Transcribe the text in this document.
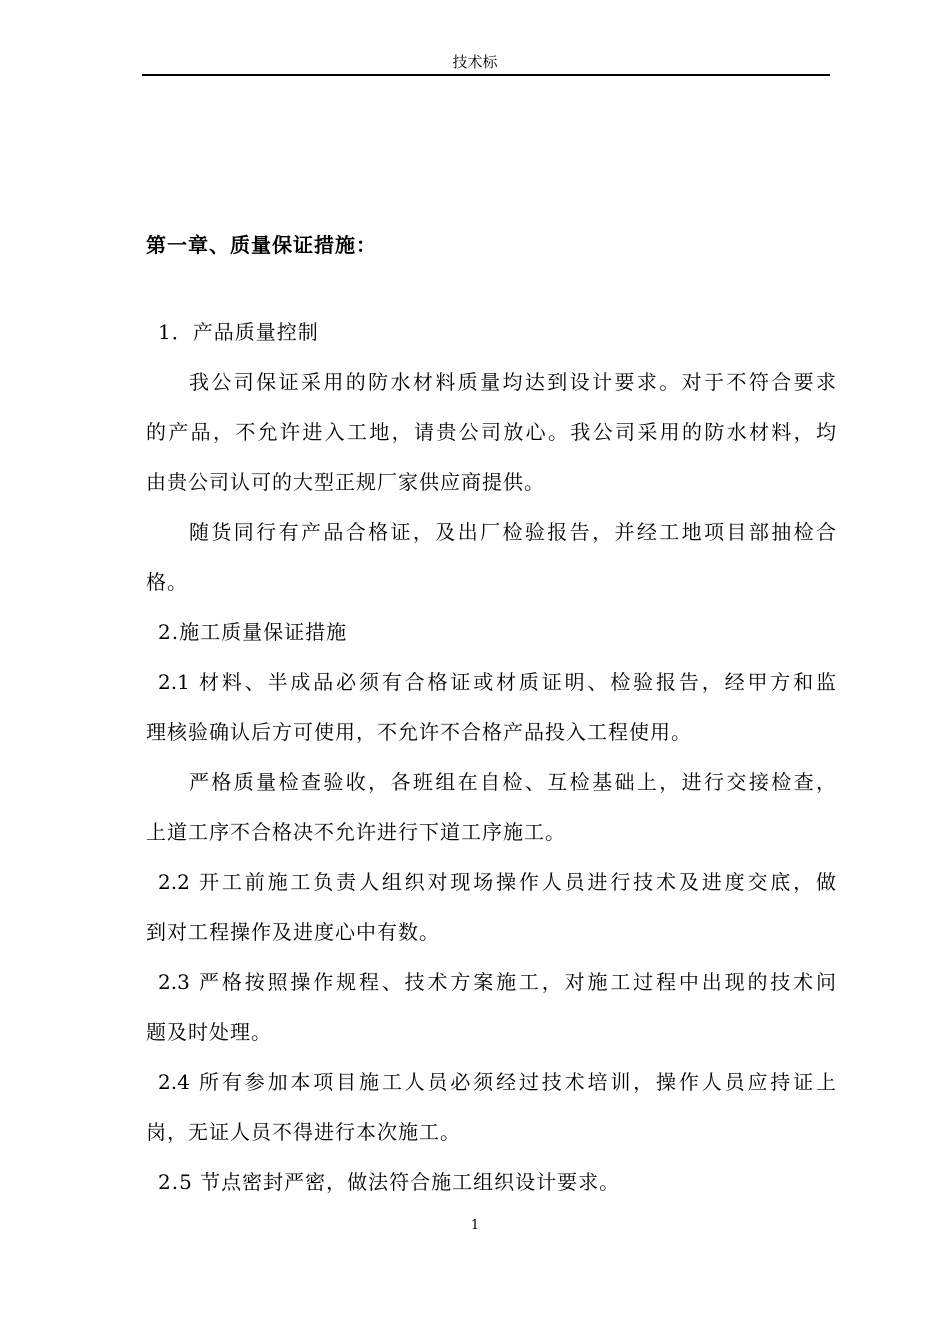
技术标
第一章、质量保证措施：
1．产品质量控制
我公司保证采用的防水材料质量均达到设计要求。对于不符合要求
的产品，不允许进入工地，请贵公司放心。我公司采用的防水材料，均
由贵公司认可的大型正规厂家供应商提供。
随货同行有产品合格证，及出厂检验报告，并经工地项目部抽检合
格。
2.施工质量保证措施
2.1 材料、半成品必须有合格证或材质证明、检验报告，经甲方和监
理核验确认后方可使用，不允许不合格产品投入工程使用。
严格质量检查验收，各班组在自检、互检基础上，进行交接检查，
上道工序不合格决不允许进行下道工序施工。
2.2 开工前施工负责人组织对现场操作人员进行技术及进度交底，做
到对工程操作及进度心中有数。
2.3 严格按照操作规程、技术方案施工，对施工过程中出现的技术问
题及时处理。
2.4 所有参加本项目施工人员必须经过技术培训，操作人员应持证上
岗，无证人员不得进行本次施工。
2.5 节点密封严密，做法符合施工组织设计要求。
1
